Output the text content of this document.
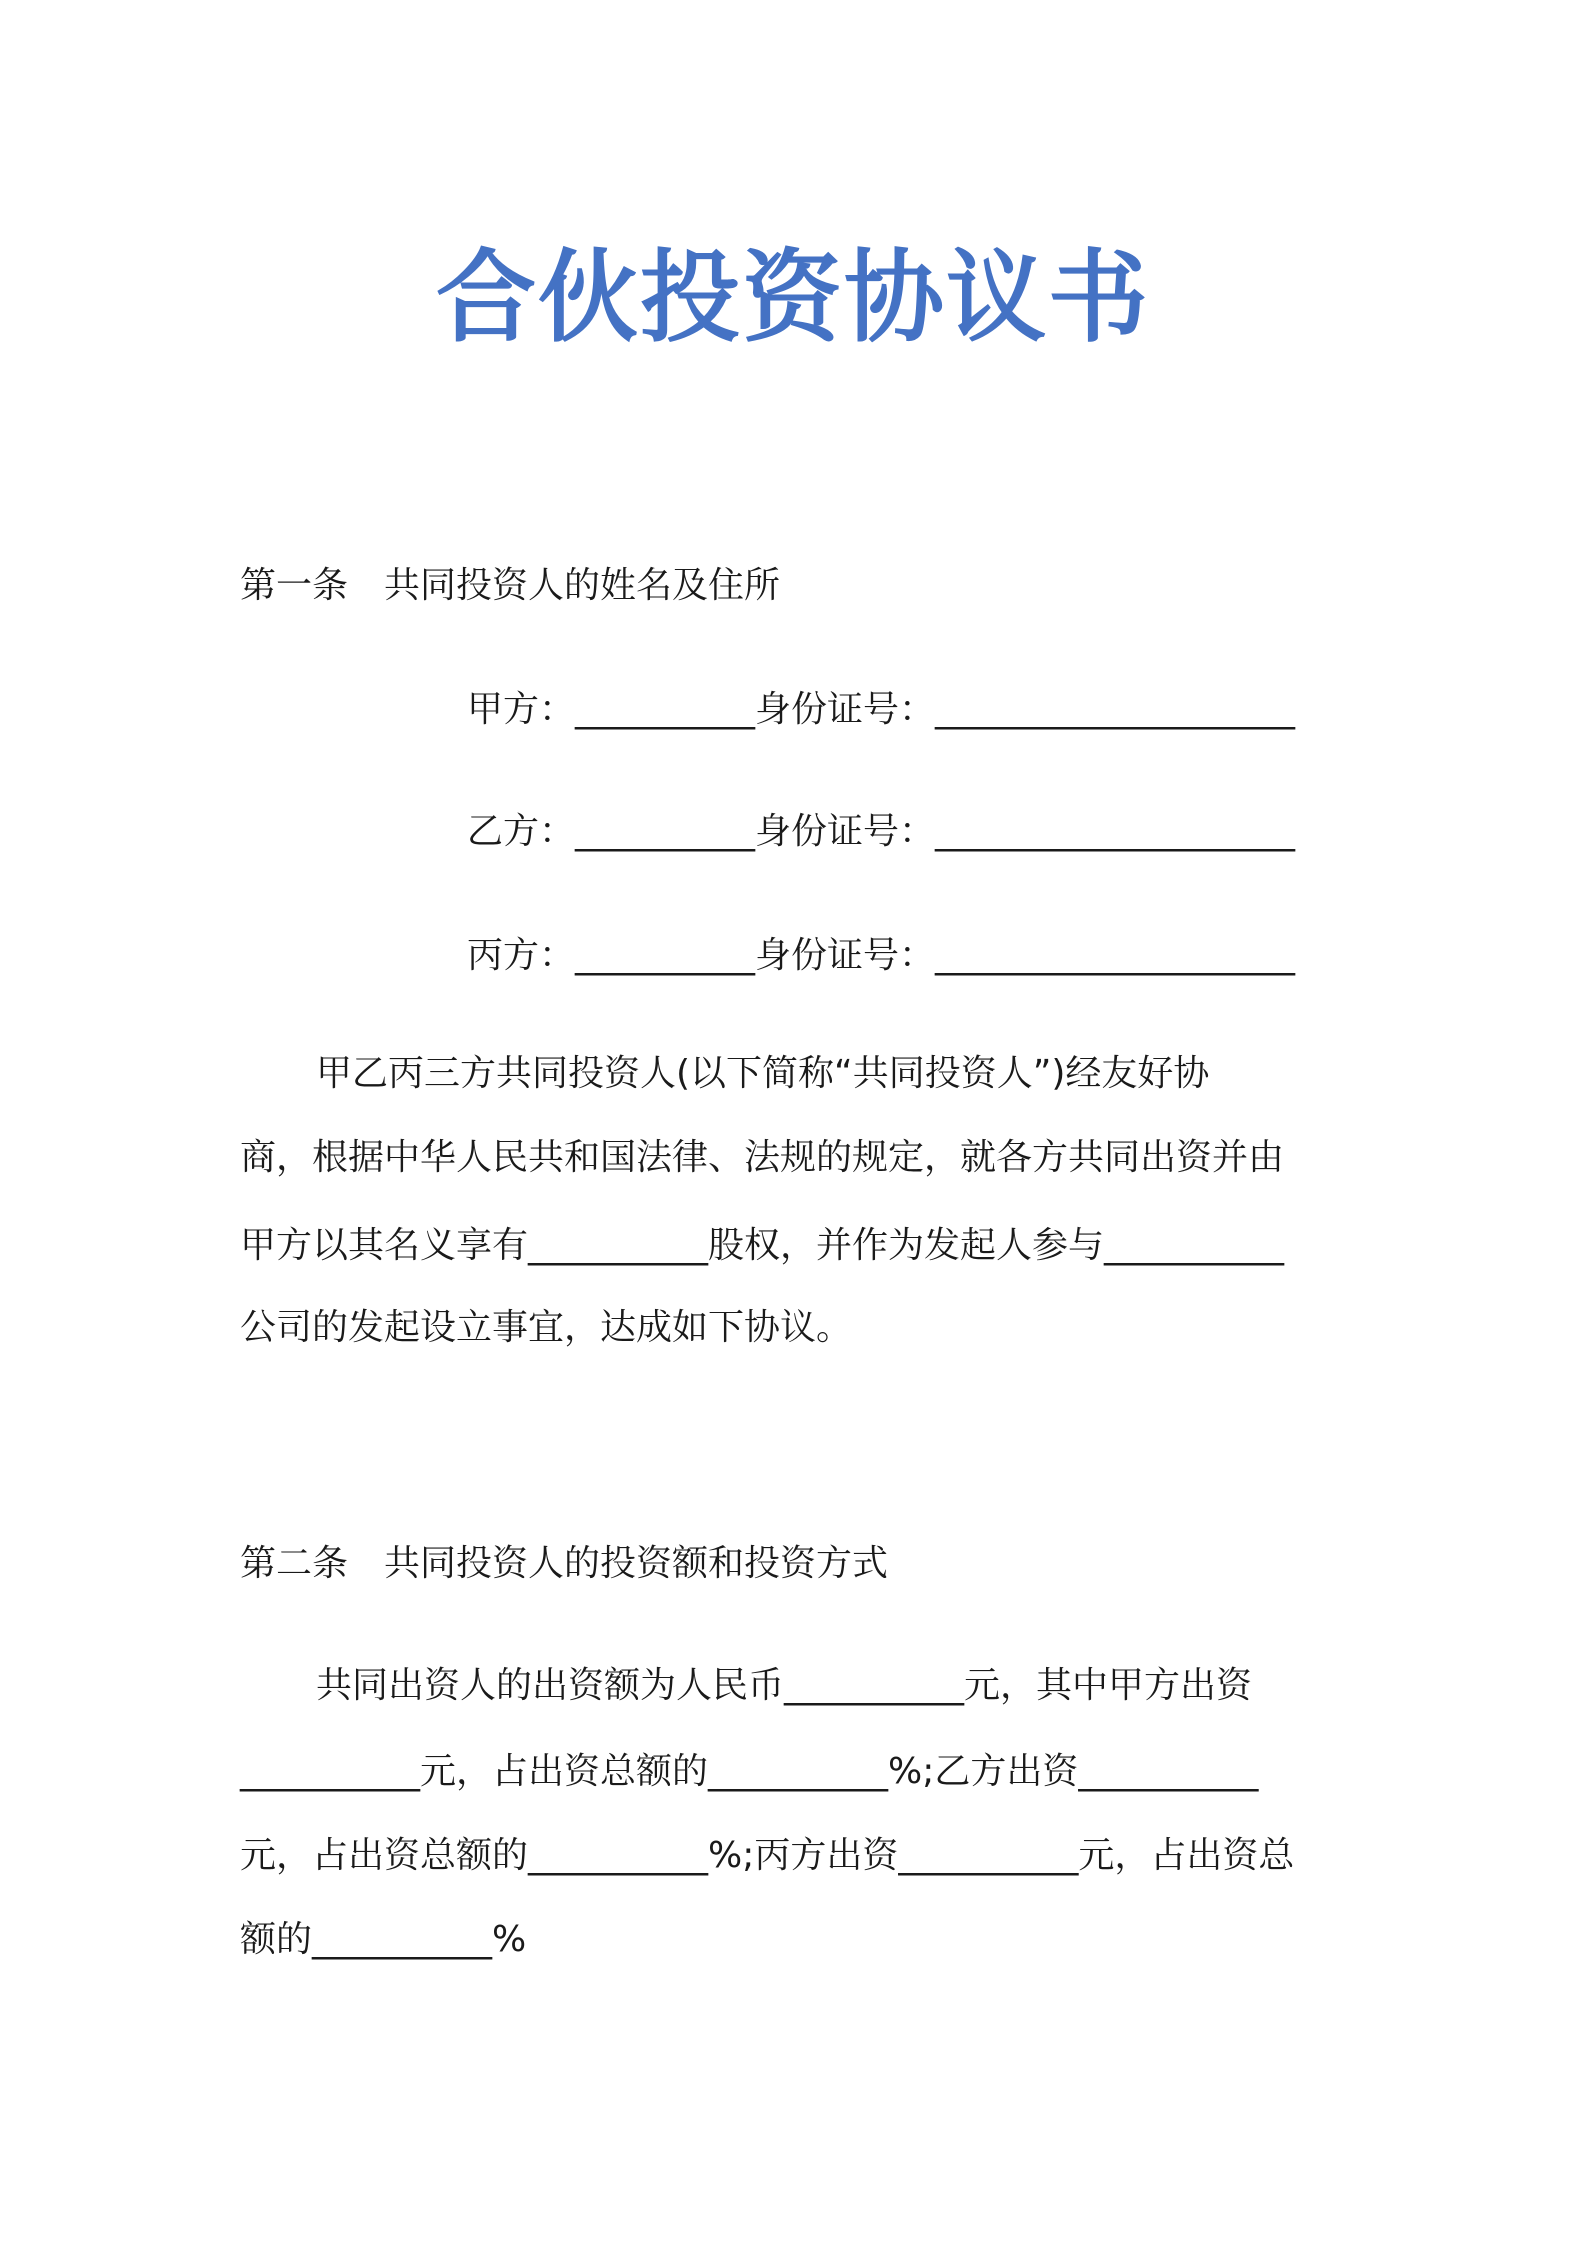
合伙投资协议书
第一条　共同投资人的姓名及住所
甲方：__________身份证号：____________________
乙方：__________身份证号：____________________
丙方：__________身份证号：____________________
甲乙丙三方共同投资人(以下简称“共同投资人”)经友好协
商，根据中华人民共和国法律、法规的规定，就各方共同出资并由
甲方以其名义享有__________股权，并作为发起人参与__________
公司的发起设立事宜，达成如下协议。
第二条　共同投资人的投资额和投资方式
共同出资人的出资额为人民币__________元，其中甲方出资
__________元，占出资总额的__________%;乙方出资__________
元，占出资总额的__________%;丙方出资__________元，占出资总
额的__________%
